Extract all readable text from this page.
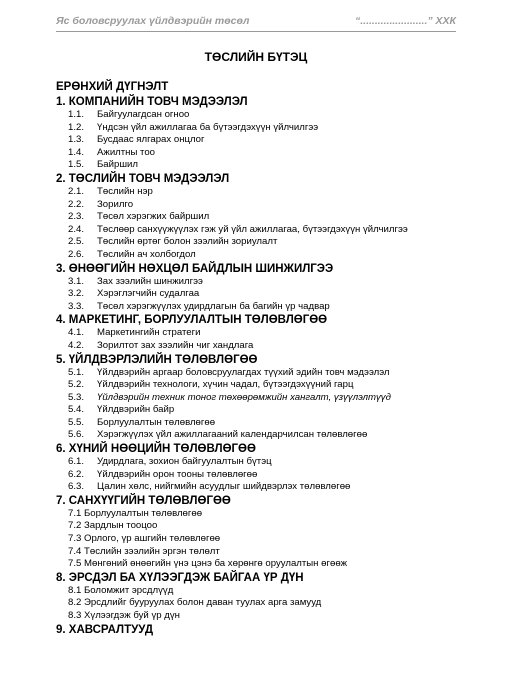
Яс боловсруулах үйлдвэрийн төсөл	“.......................” ХХК
ТӨСЛИЙН БҮТЭЦ
ЕРӨНХИЙ ДҮГНЭЛТ
1. КОМПАНИЙН ТОВЧ МЭДЭЭЛЭЛ
1.1. Байгуулагдсан огноо
1.2. Үндсэн үйл ажиллагаа ба бүтээгдэхүүн үйлчилгээ
1.3. Бусдаас ялгарах онцлог
1.4. Ажилтны тоо
1.5. Байршил
2. ТӨСЛИЙН ТОВЧ МЭДЭЭЛЭЛ
2.1. Төслийн нэр
2.2. Зорилго
2.3. Төсөл хэрэгжих байршил
2.4. Төслөөр санхүүжүүлэх гэж уй үйл ажиллагаа, бүтээгдэхүүн үйлчилгээ
2.5. Төслийн өртөг болон зээлийн зориулалт
2.6. Төслийн ач холбогдол
3. ӨНӨӨГИЙН НӨХЦӨЛ БАЙДЛЫН ШИНЖИЛГЭЭ
3.1. Зах зээлийн шинжилгээ
3.2. Хэрэглэгчийн судалгаа
3.3. Төсөл хэрэгжүүлэх удирдлагын ба багийн үр чадвар
4. МАРКЕТИНГ, БОРЛУУЛАЛТЫН ТӨЛӨВЛӨГӨӨ
4.1. Маркетингийн стратеги
4.2. Зорилтот зах зээлийн чиг хандлага
5. ҮЙЛДВЭРЛЭЛИЙН ТӨЛӨВЛӨГӨӨ
5.1. Үйлдвэрийн аргаар боловсруулагдах түүхий эдийн товч мэдээлэл
5.2. Үйлдвэрийн технологи, хүчин чадал, бүтээгдэхүүний гарц
5.3. Үйлдвэрийн техник тоног төхөөрөмжийн хангалт, үзүүлэлтүүд
5.4. Үйлдвэрийн байр
5.5. Борлуулалтын төлөвлөгөө
5.6. Хэрэгжүүлэх үйл ажиллагааний календарчилсан төлөвлөгөө
6. ХҮНИЙ НӨӨЦИЙН ТӨЛӨВЛӨГӨӨ
6.1. Удирдлага, зохион байгуулалтын бүтэц
6.2. Үйлдвэрийн орон тооны төлөвлөгөө
6.3. Цалин хөлс, нийгмийн асуудлыг шийдвэрлэх төлөвлөгөө
7. САНХҮҮГИЙН ТӨЛӨВЛӨГӨӨ
7.1 Борлуулалтын төлөвлөгөө
7.2 Зардлын тооцоо
7.3 Орлого, үр ашгийн төлөвлөгөө
7.4 Төслийн зээлийн эргэн төлөлт
7.5 Мөнгөний өнөөгийн үнэ цэнэ ба хөрөнгө оруулалтын өгөөж
8. ЭРСДЭЛ БА ХҮЛЭЭГДЭЖ БАЙГАА ҮР ДҮН
8.1 Боломжит эрсдлүүд
8.2 Эрсдлийг бууруулах болон даван туулах арга замууд
8.3 Хүлээгдэж буй үр дүн
9. ХАВСРАЛТУУД
